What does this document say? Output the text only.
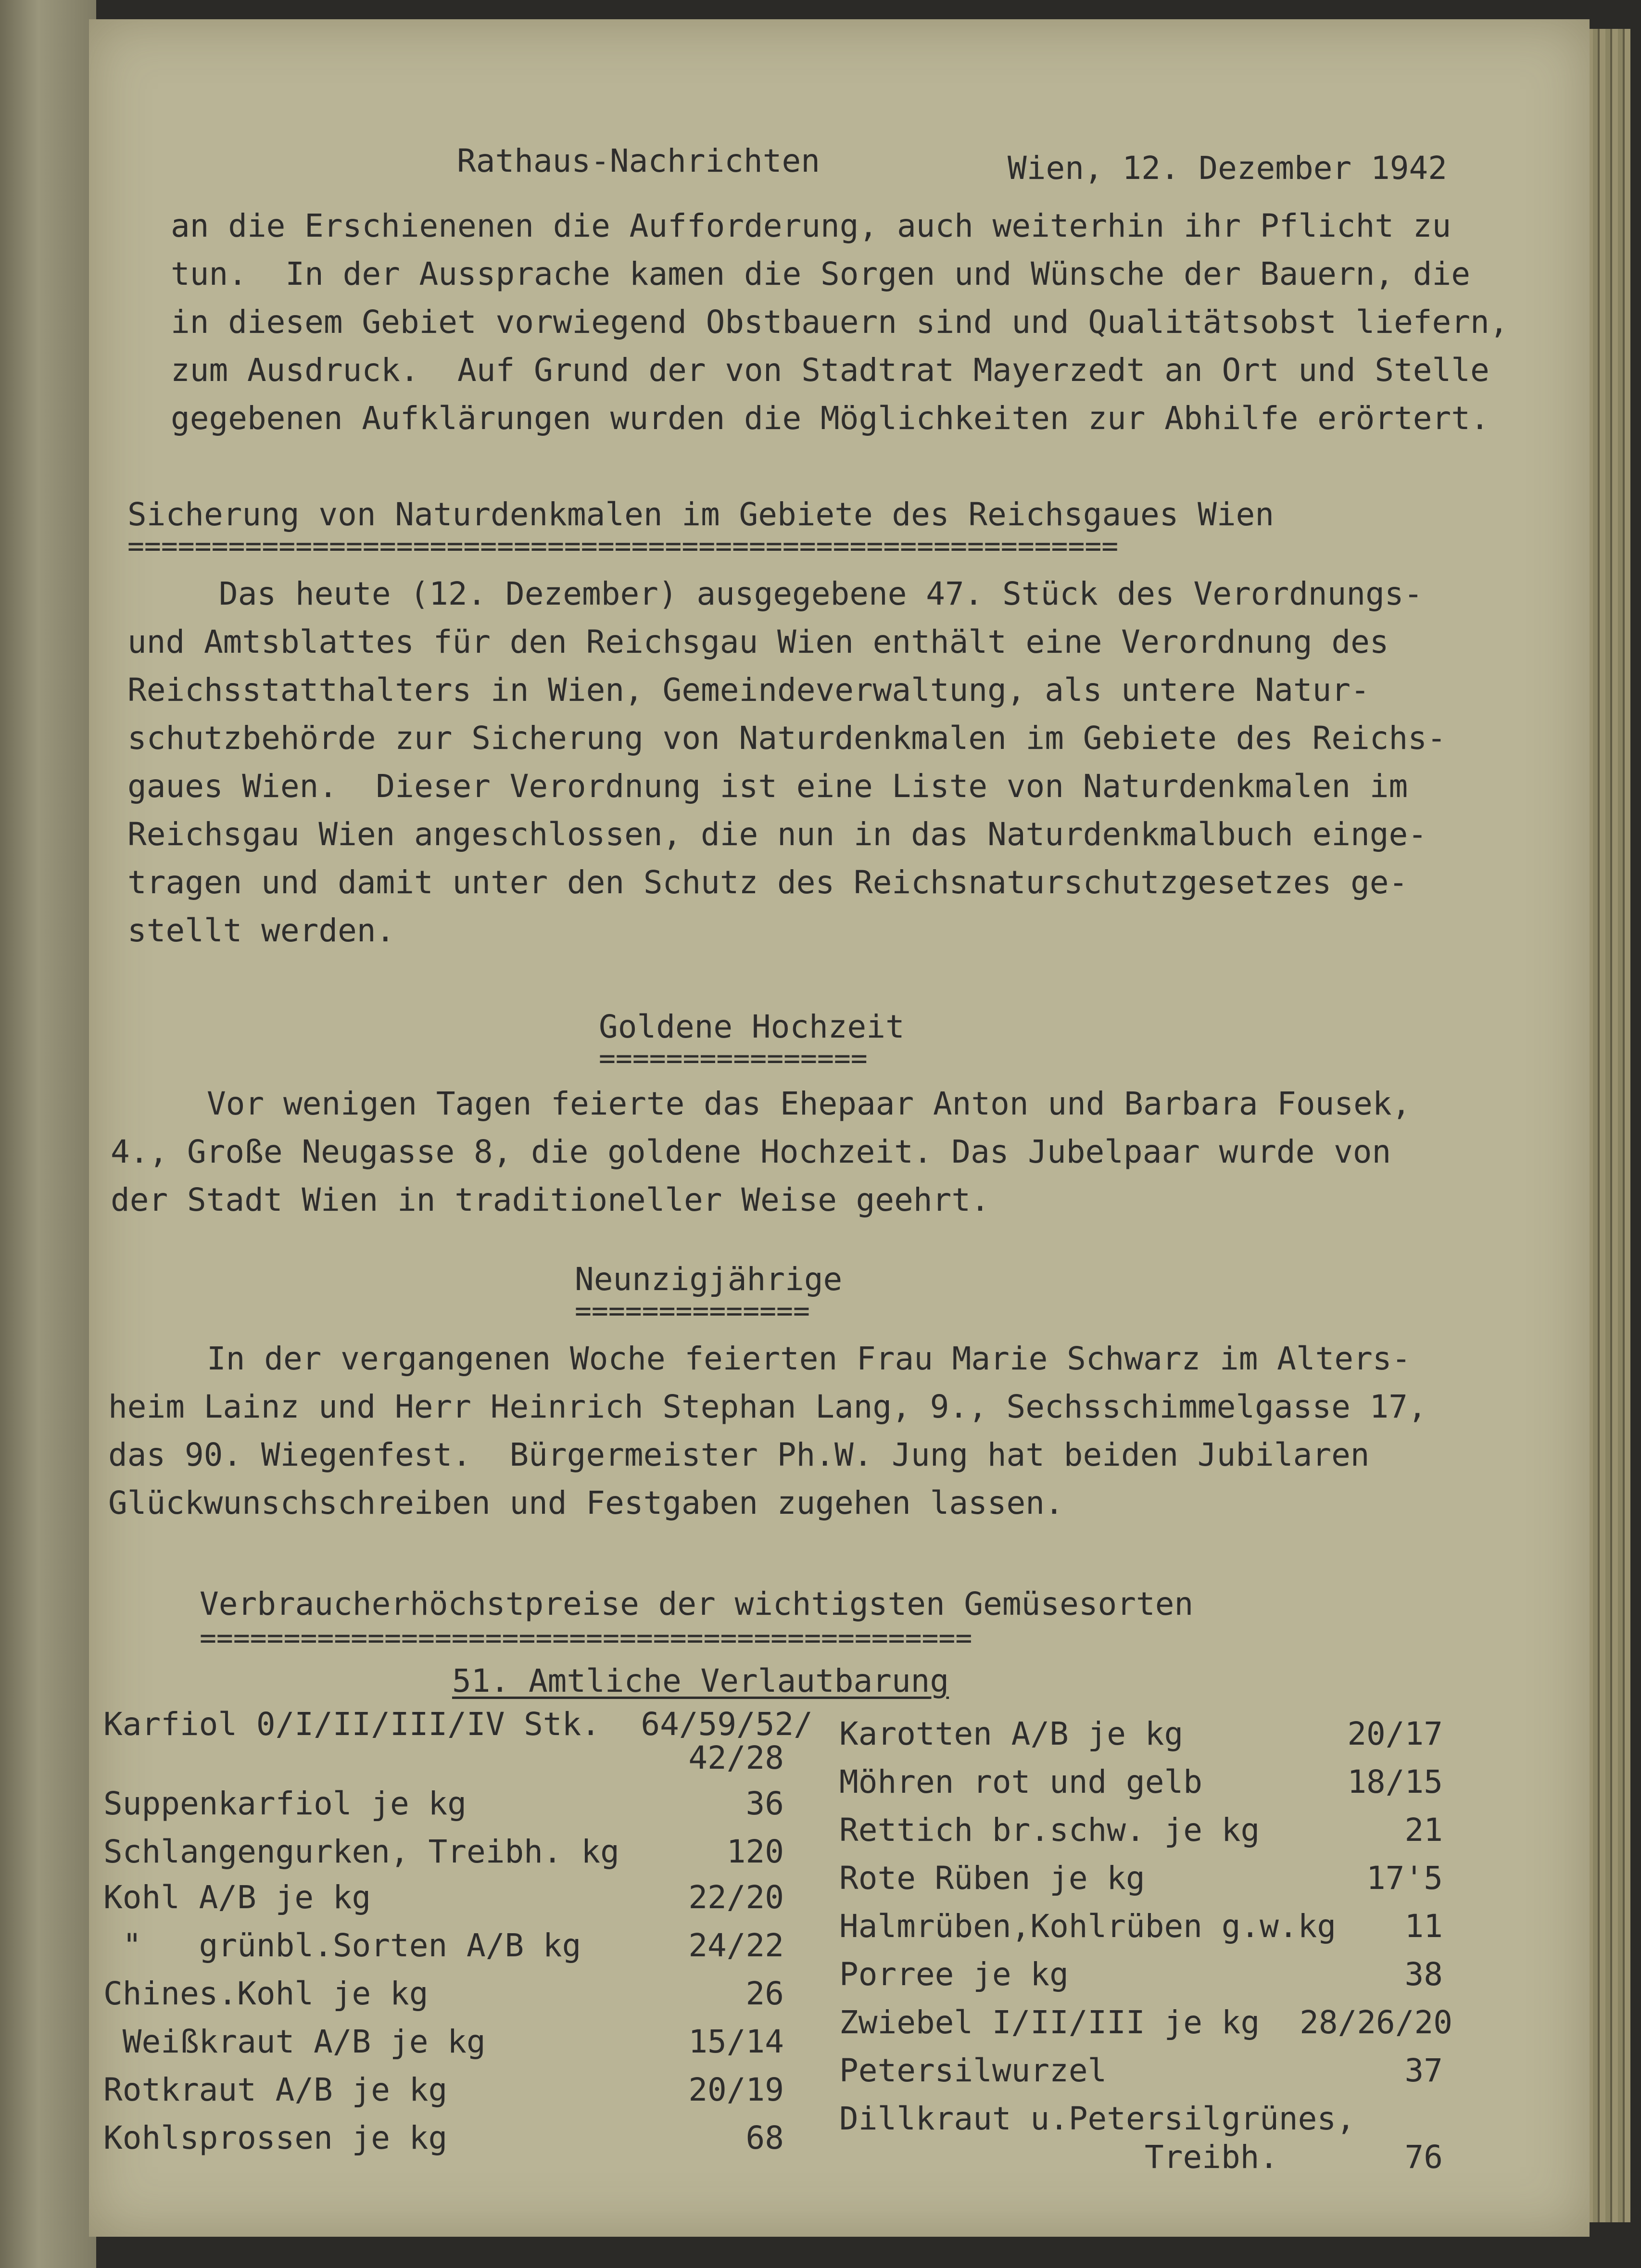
Rathaus-Nachrichten	Wien, 12. Dezember 1942
an die Erschienenen die Aufforderung, auch weiterhin ihr Pflicht zu
tun.  In der Aussprache kamen die Sorgen und Wünsche der Bauern, die
in diesem Gebiet vorwiegend Obstbauern sind und Qualitätsobst liefern,
zum Ausdruck.  Auf Grund der von Stadtrat Mayerzedt an Ort und Stelle
gegebenen Aufklärungen wurden die Möglichkeiten zur Abhilfe erörtert.
Sicherung von Naturdenkmalen im Gebiete des Reichsgaues Wien
===========================================================
Das heute (12. Dezember) ausgegebene 47. Stück des Verordnungs-
und Amtsblattes für den Reichsgau Wien enthält eine Verordnung des
Reichsstatthalters in Wien, Gemeindeverwaltung, als untere Natur-
schutzbehörde zur Sicherung von Naturdenkmalen im Gebiete des Reichs-
gaues Wien.  Dieser Verordnung ist eine Liste von Naturdenkmalen im
Reichsgau Wien angeschlossen, die nun in das Naturdenkmalbuch einge-
tragen und damit unter den Schutz des Reichsnaturschutzgesetzes ge-
stellt werden.
Goldene Hochzeit
================
Vor wenigen Tagen feierte das Ehepaar Anton und Barbara Fousek,
4., Große Neugasse 8, die goldene Hochzeit. Das Jubelpaar wurde von
der Stadt Wien in traditioneller Weise geehrt.
Neunzigjährige
==============
In der vergangenen Woche feierten Frau Marie Schwarz im Alters-
heim Lainz und Herr Heinrich Stephan Lang, 9., Sechsschimmelgasse 17,
das 90. Wiegenfest.  Bürgermeister Ph.W. Jung hat beiden Jubilaren
Glückwunschschreiben und Festgaben zugehen lassen.
Verbraucherhöchstpreise der wichtigsten Gemüsesorten
==============================================
51. Amtliche Verlautbarung
Karfiol 0/I/II/III/IV Stk.	64/59/52/
42/28
Suppenkarfiol je kg	36
Schlangengurken, Treibh. kg	120
Kohl A/B je kg	22/20
"   grünbl.Sorten A/B kg	24/22
Chines.Kohl je kg	26
Weißkraut A/B je kg	15/14
Rotkraut A/B je kg	20/19
Kohlsprossen je kg	68
Karotten A/B je kg	20/17
Möhren rot und gelb	18/15
Rettich br.schw. je kg	21
Rote Rüben je kg	17'5
Halmrüben,Kohlrüben g.w.kg	11
Porree je kg	38
Zwiebel I/II/III je kg	28/26/20
Petersilwurzel	37
Dillkraut u.Petersilgrünes,
Treibh.	76
